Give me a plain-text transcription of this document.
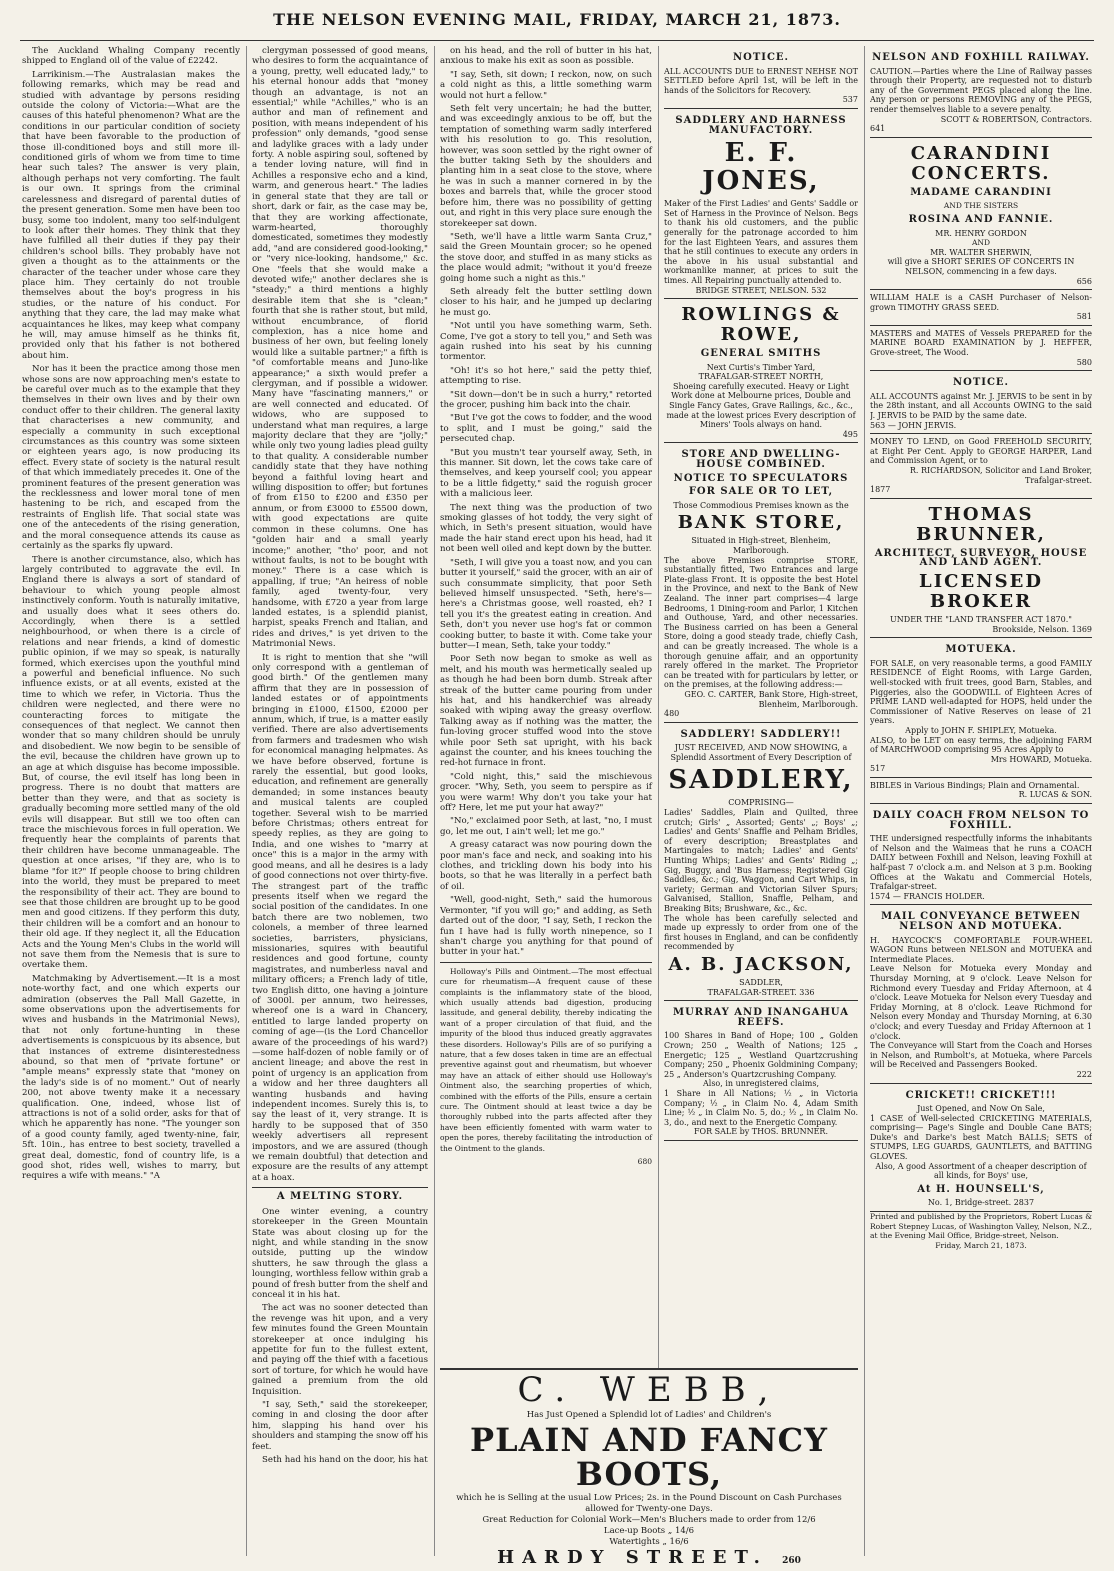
THE NELSON EVENING MAIL, FRIDAY, MARCH 21, 1873.

The Auckland Whaling Company recently shipped to England oil of the value of £2242.

Larrikinism.—The Australasian makes the following remarks, which may be read and studied with advantage by persons residing outside the colony of Victoria:—What are the causes of this hateful phenomenon? What are the conditions in our particular condition of society that have been favorable to the production of those ill-conditioned boys and still more ill-conditioned girls of whom we from time to time hear such tales? The answer is very plain, although perhaps not very comforting. The fault is our own. It springs from the criminal carelessness and disregard of parental duties of the present generation. Some men have been too busy, some too indolent, many too self-indulgent to look after their homes. They think that they have fulfilled all their duties if they pay their children's school bills. They probably have not given a thought as to the attainments or the character of the teacher under whose care they place him. They certainly do not trouble themselves about the boy's progress in his studies, or the nature of his conduct. For anything that they care, the lad may make what acquaintances he likes, may keep what company he will, may amuse himself as he thinks fit, provided only that his father is not bothered about him.

Nor has it been the practice among those men whose sons are now approaching men's estate to be careful over much as to the example that they themselves in their own lives and by their own conduct offer to their children. The general laxity that characterises a new community, and especially a community in such exceptional circumstances as this country was some sixteen or eighteen years ago, is now producing its effect. Every state of society is the natural result of that which immediately precedes it. One of the prominent features of the present generation was the recklessness and lower moral tone of men hastening to be rich, and escaped from the restraints of English life. That social state was one of the antecedents of the rising generation, and the moral consequence attends its cause as certainly as the sparks fly upward.

There is another circumstance, also, which has largely contributed to aggravate the evil. In England there is always a sort of standard of behaviour to which young people almost instinctively conform. Youth is naturally imitative, and usually does what it sees others do. Accordingly, when there is a settled neighbourhood, or when there is a circle of relations and near friends, a kind of domestic public opinion, if we may so speak, is naturally formed, which exercises upon the youthful mind a powerful and beneficial influence. No such influence exists, or at all events, existed at the time to which we refer, in Victoria. Thus the children were neglected, and there were no counteracting forces to mitigate the consequences of that neglect. We cannot then wonder that so many children should be unruly and disobedient. We now begin to be sensible of the evil, because the children have grown up to an age at which disguise has become impossible. But, of course, the evil itself has long been in progress. There is no doubt that matters are better than they were, and that as society is gradually becoming more settled many of the old evils will disappear. But still we too often can trace the mischievous forces in full operation. We frequently hear the complaints of parents that their children have become unmanageable. The question at once arises, "if they are, who is to blame "for it?" If people choose to bring children into the world, they must be prepared to meet the responsibility of their act. They are bound to see that those children are brought up to be good men and good citizens. If they perform this duty, their children will be a comfort and an honour to their old age. If they neglect it, all the Education Acts and the Young Men's Clubs in the world will not save them from the Nemesis that is sure to overtake them.

Matchmaking by Advertisement.—It is a most note-worthy fact, and one which experts our admiration (observes the Pall Mall Gazette, in some observations upon the advertisements for wives and husbands in the Matrimonial News), that not only fortune-hunting in these advertisements is conspicuous by its absence, but that instances of extreme disinterestedness abound, so that men of "private fortune" or "ample means" expressly state that "money on the lady's side is of no moment." Out of nearly 200, not above twenty make it a necessary qualification. One, indeed, whose list of attractions is not of a solid order, asks for that of which he apparently has none. "The younger son of a good county family, aged twenty-nine, fair, 5ft. 10in., has entree to best society, travelled a great deal, domestic, fond of country life, is a good shot, rides well, wishes to marry, but requires a wife with means." "A

clergyman possessed of good means, who desires to form the acquaintance of a young, pretty, well educated lady," to his eternal honour adds that "money though an advantage, is not an essential;" while "Achilles," who is an author and man of refinement and position, with means independent of his profession" only demands, "good sense and ladylike graces with a lady under forty. A noble aspiring soul, softened by a tender loving nature, will find in Achilles a responsive echo and a kind, warm, and generous heart." The ladies in general state that they are tall or short, dark or fair, as the case may be, that they are working affectionate, warm-hearted, thoroughly domesticated, sometimes they modestly add, "and are considered good-looking," or "very nice-looking, handsome," &c. One "feels that she would make a devoted wife;" another declares she is "steady;" a third mentions a highly desirable item that she is "clean;" fourth that she is rather stout, but mild, without encumbrance, of florid complexion, has a nice home and business of her own, but feeling lonely would like a suitable partner;" a fifth is "of comfortable means and Juno-like appearance;" a sixth would prefer a clergyman, and if possible a widower. Many have "fascinating manners," or are well connected and educated. Of widows, who are supposed to understand what man requires, a large majority declare that they are "jolly;" while only two young ladies plead guilty to that quality. A considerable number candidly state that they have nothing beyond a faithful loving heart and willing disposition to offer; but fortunes of from £150 to £200 and £350 per annum, or from £3000 to £5500 down, with good expectations are quite common in these columns. One has "golden hair and a small yearly income;" another, "tho' poor, and not without faults, is not to be bought with money." There is a case which is appalling, if true; "An heiress of noble family, aged twenty-four, very handsome, with £720 a year from large landed estates, is a splendid pianist, harpist, speaks French and Italian, and rides and drives," is yet driven to the Matrimonial News.

It is right to mention that she "will only correspond with a gentleman of good birth." Of the gentlemen many affirm that they are in possession of landed estates or of appointments bringing in £1000, £1500, £2000 per annum, which, if true, is a matter easily verified. There are also advertisements from farmers and tradesmen who wish for economical managing helpmates. As we have before observed, fortune is rarely the essential, but good looks, education, and refinement are generally demanded; in some instances beauty and musical talents are coupled together. Several wish to be married before Christmas; others entreat for speedy replies, as they are going to India, and one wishes to "marry at once" this is a major in the army with good means, and all he desires is a lady of good connections not over thirty-five. The strangest part of the traffic presents itself when we regard the social position of the candidates. In one batch there are two noblemen, two colonels, a member of three learned societies, barristers, physicians, missionaries, squires with beautiful residences and good fortune, county magistrates, and numberless naval and military officers; a French lady of title, two English ditto, one having a jointure of 3000l. per annum, two heiresses, whereof one is a ward in Chancery, entitled to large landed property on coming of age—(is the Lord Chancellor aware of the proceedings of his ward?)—some half-dozen of noble family or of ancient lineage; and above the rest in point of urgency is an application from a widow and her three daughters all wanting husbands and having independent incomes. Surely this is, to say the least of it, very strange. It is hardly to be supposed that of 350 weekly advertisers all represent impostors, and we are assured (though we remain doubtful) that detection and exposure are the results of any attempt at a hoax.

A MELTING STORY.

One winter evening, a country storekeeper in the Green Mountain State was about closing up for the night, and while standing in the snow outside, putting up the window shutters, he saw through the glass a lounging, worthless fellow within grab a pound of fresh butter from the shelf and conceal it in his hat.

The act was no sooner detected than the revenge was hit upon, and a very few minutes found the Green Mountain storekeeper at once indulging his appetite for fun to the fullest extent, and paying off the thief with a facetious sort of torture, for which he would have gained a premium from the old Inquisition.

"I say, Seth," said the storekeeper, coming in and closing the door after him, slapping his hand over his shoulders and stamping the snow off his feet.

Seth had his hand on the door, his hat

on his head, and the roll of butter in his hat, anxious to make his exit as soon as possible.

"I say, Seth, sit down; I reckon, now, on such a cold night as this, a little something warm would not hurt a fellow."

Seth felt very uncertain; he had the butter, and was exceedingly anxious to be off, but the temptation of something warm sadly interfered with his resolution to go. This resolution, however, was soon settled by the right owner of the butter taking Seth by the shoulders and planting him in a seat close to the stove, where he was in such a manner cornered in by the boxes and barrels that, while the grocer stood before him, there was no possibility of getting out, and right in this very place sure enough the storekeeper sat down.

"Seth, we'll have a little warm Santa Cruz," said the Green Mountain grocer; so he opened the stove door, and stuffed in as many sticks as the place would admit; "without it you'd freeze going home such a night as this."

Seth already felt the butter settling down closer to his hair, and he jumped up declaring he must go.

"Not until you have something warm, Seth. Come, I've got a story to tell you," and Seth was again rushed into his seat by his cunning tormentor.

"Oh! it's so hot here," said the petty thief, attempting to rise.

"Sit down—don't be in such a hurry," retorted the grocer, pushing him back into the chair.

"But I've got the cows to fodder, and the wood to split, and I must be going," said the persecuted chap.

"But you mustn't tear yourself away, Seth, in this manner. Sit down, let the cows take care of themselves, and keep yourself cool; you appear to be a little fidgetty," said the roguish grocer with a malicious leer.

The next thing was the production of two smoking glasses of hot toddy, the very sight of which, in Seth's present situation, would have made the hair stand erect upon his head, had it not been well oiled and kept down by the butter.

"Seth, I will give you a toast now, and you can butter it yourself," said the grocer, with an air of such consummate simplicity, that poor Seth believed himself unsuspected. "Seth, here's—here's a Christmas goose, well roasted, eh? I tell you it's the greatest eating in creation. And Seth, don't you never use hog's fat or common cooking butter, to baste it with. Come take your butter—I mean, Seth, take your toddy."

Poor Seth now began to smoke as well as melt, and his mouth was hermetically sealed up as though he had been born dumb. Streak after streak of the butter came pouring from under his hat, and his handkerchief was already soaked with wiping away the greasy overflow. Talking away as if nothing was the matter, the fun-loving grocer stuffed wood into the stove while poor Seth sat upright, with his back against the counter, and his knees touching the red-hot furnace in front.

"Cold night, this," said the mischievous grocer. "Why, Seth, you seem to perspire as if you were warm! Why don't you take your hat off? Here, let me put your hat away?"

"No," exclaimed poor Seth, at last, "no, I must go, let me out, I ain't well; let me go."

A greasy cataract was now pouring down the poor man's face and neck, and soaking into his clothes, and trickling down his body into his boots, so that he was literally in a perfect bath of oil.

"Well, good-night, Seth," said the humorous Vermonter, "if you will go;" and adding, as Seth darted out of the door, "I say, Seth, I reckon the fun I have had is fully worth ninepence, so I shan't charge you anything for that pound of butter in your hat."

Holloway's Pills and Ointment.—The most effectual cure for rheumatism—A frequent cause of these complaints is the inflammatory state of the blood, which usually attends bad digestion, producing lassitude, and general debility, thereby indicating the want of a proper circulation of that fluid, and the impurity of the blood thus induced greatly aggravates these disorders. Holloway's Pills are of so purifying a nature, that a few doses taken in time are an effectual preventive against gout and rheumatism, but whoever may have an attack of either should use Holloway's Ointment also, the searching properties of which, combined with the efforts of the Pills, ensure a certain cure. The Ointment should at least twice a day be thoroughly rubbed into the parts affected after they have been efficiently fomented with warm water to open the pores, thereby facilitating the introduction of the Ointment to the glands.

680
NOTICE.
ALL ACCOUNTS DUE to ERNEST NEHSE NOT SETTLED before April 1st, will be left in the hands of the Solicitors for Recovery.
537
SADDLERY AND HARNESS MANUFACTORY.
E. F. JONES,
Maker of the First Ladies' and Gents' Saddle or Set of Harness in the Province of Nelson. Begs to thank his old customers, and the public generally for the patronage accorded to him for the last Eighteen Years, and assures them that he still continues to execute any orders in the above in his usual substantial and workmanlike manner, at prices to suit the times. All Repairing punctually attended to.
BRIDGE STREET, NELSON. 532
ROWLINGS & ROWE,
GENERAL SMITHS
Next Curtis's Timber Yard,
TRAFALGAR-STREET NORTH,
Shoeing carefully executed. Heavy or Light Work done at Melbourne prices, Double and Single Fancy Gates, Grave Railings, &c., &c., made at the lowest prices Every description of Miners' Tools always on hand.
495
STORE AND DWELLING-HOUSE COMBINED.
NOTICE TO SPECULATORS
FOR SALE OR TO LET,
Those Commodious Premises known as the
BANK STORE,
Situated in High-street, Blenheim, Marlborough.
The above Premises comprise STORE, substantially fitted, Two Entrances and large Plate-glass Front. It is opposite the best Hotel in the Province, and next to the Bank of New Zealand. The inner part comprises—4 large Bedrooms, 1 Dining-room and Parlor, 1 Kitchen and Outhouse, Yard, and other necessaries. The Business carried on has been a General Store, doing a good steady trade, chiefly Cash, and can be greatly increased. The whole is a thorough genuine affair, and an opportunity rarely offered in the market. The Proprietor can be treated with for particulars by letter, or on the premises, at the following address:—
GEO. C. CARTER, Bank Store, High-street, Blenheim, Marlborough.
480
SADDLERY! SADDLERY!!
JUST RECEIVED, AND NOW SHOWING, a Splendid Assortment of Every Description of
SADDLERY,
COMPRISING—
Ladies' Saddles, Plain and Quilted, three crutch; Girls' „ Assorted; Gents' „; Boys' „; Ladies' and Gents' Snaffle and Pelham Bridles, of every description; Breastplates and Martingales to match; Ladies' and Gents' Hunting Whips; Ladies' and Gents' Riding „; Gig, Buggy, and 'Bus Harness; Registered Gig Saddles, &c.; Gig, Waggon, and Cart Whips, in variety; German and Victorian Silver Spurs; Galvanised, Stallion, Snaffle, Pelham, and Breaking Bits; Brushware, &c., &c.
The whole has been carefully selected and made up expressly to order from one of the first houses in England, and can be confidently recommended by
A. B. JACKSON,
SADDLER,
TRAFALGAR-STREET. 336
MURRAY AND INANGAHUA REEFS.
100 Shares in Band of Hope; 100 „ Golden Crown; 250 „ Wealth of Nations; 125 „ Energetic; 125 „ Westland Quartzcrushing Company; 250 „ Phoenix Goldmining Company; 25 „ Anderson's Quartzcrushing Company.
Also, in unregistered claims,
1 Share in All Nations; ½ „ in Victoria Company; ½ „ in Claim No. 4, Adam Smith Line; ½ „ in Claim No. 5, do.; ½ „ in Claim No. 3, do., and next to the Energetic Company.
FOR SALE by THOS. BRUNNER.
NELSON AND FOXHILL RAILWAY.
CAUTION.—Parties where the Line of Railway passes through their Property, are requested not to disturb any of the Government PEGS placed along the line. Any person or persons REMOVING any of the PEGS, render themselves liable to a severe penalty.
SCOTT & ROBERTSON, Contractors.
641
CARANDINI CONCERTS.
MADAME CARANDINI
AND THE SISTERS
ROSINA AND FANNIE.
MR. HENRY GORDON
AND
MR. WALTER SHERWIN,
will give a SHORT SERIES OF CONCERTS IN NELSON, commencing in a few days.
656
WILLIAM HALE is a CASH Purchaser of Nelson-grown TIMOTHY GRASS SEED.
581
MASTERS and MATES of Vessels PREPARED for the MARINE BOARD EXAMINATION by J. HEFFER, Grove-street, The Wood.
580
NOTICE.
ALL ACCOUNTS against Mr. J. JERVIS to be sent in by the 28th instant, and all Accounts OWING to the said J. JERVIS to be PAID by the same date.
563 — JOHN JERVIS.
MONEY TO LEND, on Good FREEHOLD SECURITY, at Eight Per Cent. Apply to GEORGE HARPER, Land and Commission Agent, or to
R. RICHARDSON, Solicitor and Land Broker, Trafalgar-street.
1877
THOMAS BRUNNER,
ARCHITECT, SURVEYOR, HOUSE AND LAND AGENT.
LICENSED BROKER
UNDER THE "LAND TRANSFER ACT 1870."
Brookside, Nelson. 1369
MOTUEKA.
FOR SALE, on very reasonable terms, a good FAMILY RESIDENCE of Eight Rooms, with Large Garden, well-stocked with fruit trees, good Barn, Stables, and Piggeries, also the GOODWILL of Eighteen Acres of PRIME LAND well-adapted for HOPS, held under the Commissioner of Native Reserves on lease of 21 years.
Apply to JOHN F. SHIPLEY, Motueka.
ALSO, to be LET on easy terms, the adjoining FARM of MARCHWOOD comprising 95 Acres Apply to
Mrs HOWARD, Motueka.
517
BIBLES in Various Bindings; Plain and Ornamental.
R. LUCAS & SON.
DAILY COACH FROM NELSON TO FOXHILL.
THE undersigned respectfully informs the inhabitants of Nelson and the Waimeas that he runs a COACH DAILY between Foxhill and Nelson, leaving Foxhill at half-past 7 o'clock a.m. and Nelson at 3 p.m. Booking Offices at the Wakatu and Commercial Hotels, Trafalgar-street.
1574 — FRANCIS HOLDER.
MAIL CONVEYANCE BETWEEN NELSON AND MOTUEKA.
H. HAYCOCK'S COMFORTABLE FOUR-WHEEL WAGON Runs between NELSON and MOTUEKA and Intermediate Places.
Leave Nelson for Motueka every Monday and Thursday Morning, at 9 o'clock. Leave Nelson for Richmond every Tuesday and Friday Afternoon, at 4 o'clock. Leave Motueka for Nelson every Tuesday and Friday Morning, at 8 o'clock. Leave Richmond for Nelson every Monday and Thursday Morning, at 6.30 o'clock; and every Tuesday and Friday Afternoon at 1 o'clock.
The Conveyance will Start from the Coach and Horses in Nelson, and Rumbolt's, at Motueka, where Parcels will be Received and Passengers Booked.
222
CRICKET!! CRICKET!!!
Just Opened, and Now On Sale,
1 CASE of Well-selected CRICKETING MATERIALS, comprising— Page's Single and Double Cane BATS; Duke's and Darke's best Match BALLS; SETS of STUMPS, LEG GUARDS, GAUNTLETS, and BATTING GLOVES.
Also, A good Assortment of a cheaper description of all kinds, for Boys' use,
At H. HOUNSELL'S,
No. 1, Bridge-street. 2837
Printed and published by the Proprietors, Robert Lucas & Robert Stepney Lucas, of Washington Valley, Nelson, N.Z., at the Evening Mail Office, Bridge-street, Nelson.
Friday, March 21, 1873.
C. WEBB,
Has Just Opened a Splendid lot of Ladies' and Children's
PLAIN AND FANCY BOOTS,
which he is Selling at the usual Low Prices; 2s. in the Pound Discount on Cash Purchases allowed for Twenty-one Days.
Great Reduction for Colonial Work—Men's Bluchers made to order from 12/6
Lace-up Boots „ 14/6
Watertights „ 16/6
HARDY STREET. 260
